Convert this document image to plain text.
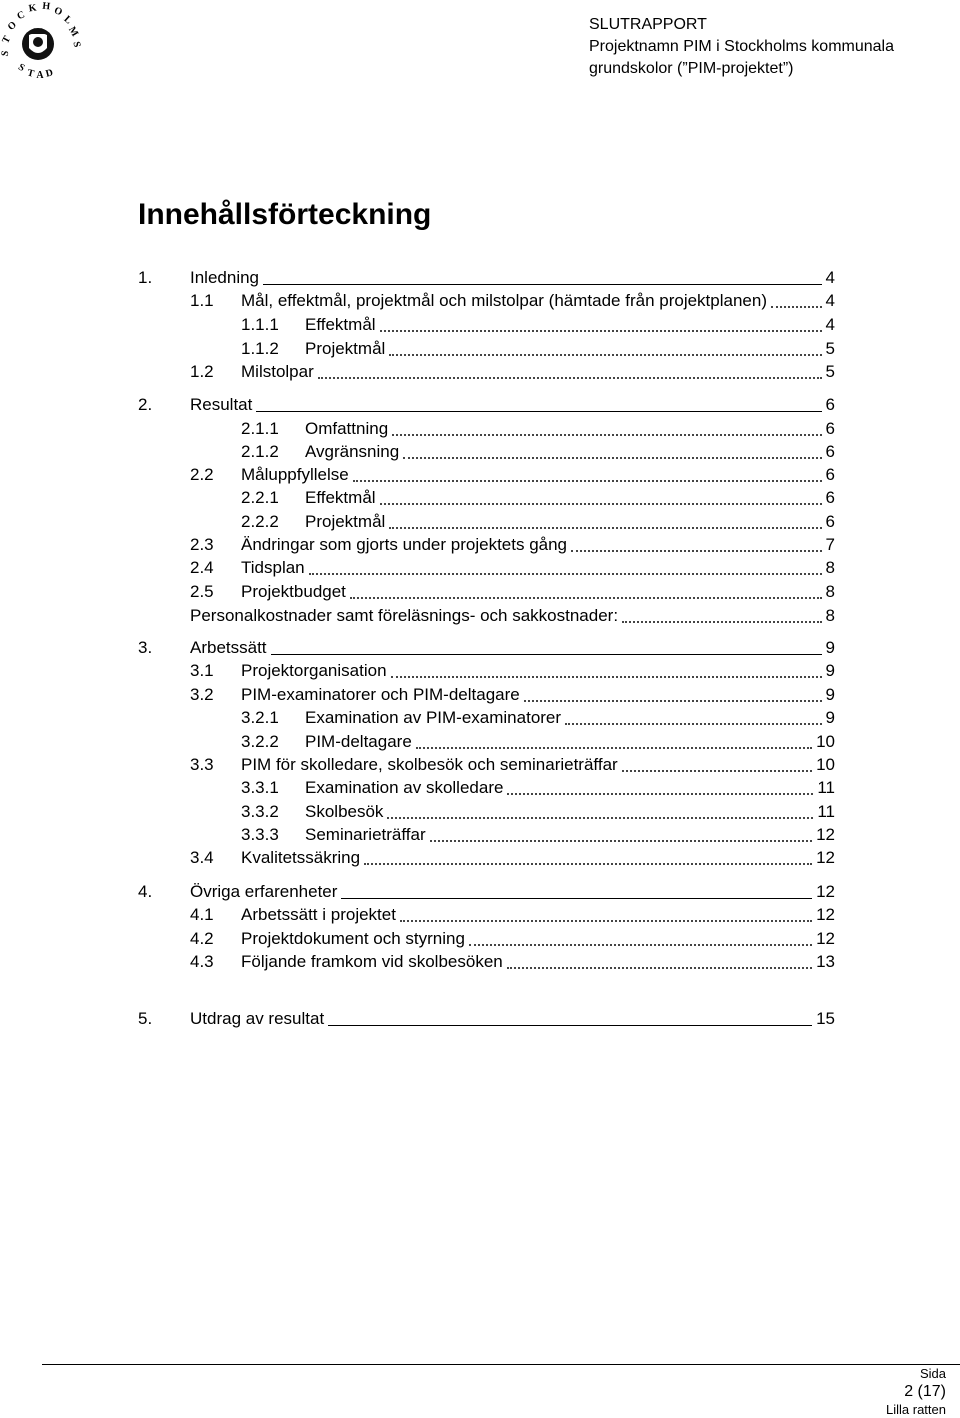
S
T
O
C
K H O
L
M
S
S T A D
SLUTRAPPORT
Projektnamn PIM i Stockholms kommunala
grundskolor (”PIM-projektet”)
Innehållsförteckning
1. Inledning	4
1.1 Mål, effektmål, projektmål och milstolpar (hämtade från projektplanen)	4
1.1.1 Effektmål	4
1.1.2 Projektmål	5
1.2 Milstolpar	5
2. Resultat	6
2.1.1 Omfattning	6
2.1.2 Avgränsning	6
2.2 Måluppfyllelse	6
2.2.1 Effektmål	6
2.2.2 Projektmål	6
2.3 Ändringar som gjorts under projektets gång	7
2.4 Tidsplan	8
2.5 Projektbudget	8
Personalkostnader samt föreläsnings- och sakkostnader:	8
3. Arbetssätt	9
3.1 Projektorganisation	9
3.2 PIM-examinatorer och PIM-deltagare	9
3.2.1 Examination av PIM-examinatorer	9
3.2.2 PIM-deltagare	10
3.3 PIM för skolledare, skolbesök och seminarieträffar	10
3.3.1 Examination av skolledare	11
3.3.2 Skolbesök	11
3.3.3 Seminarieträffar	12
3.4 Kvalitetssäkring	12
4. Övriga erfarenheter	12
4.1 Arbetssätt i projektet	12
4.2 Projektdokument och styrning	12
4.3 Följande framkom vid skolbesöken	13
5. Utdrag av resultat	15
Sida
2 (17)
Lilla ratten
